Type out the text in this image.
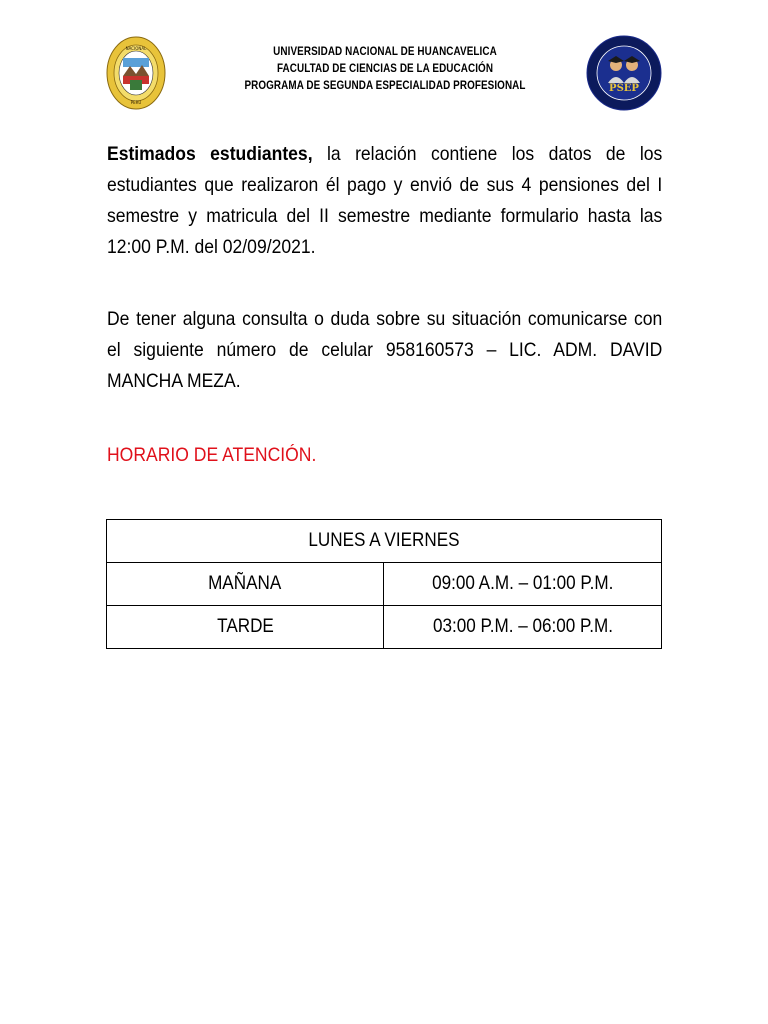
NACIONAL
PERU
UNIVERSIDAD NACIONAL DE HUANCAVELICA
FACULTAD DE CIENCIAS DE LA EDUCACIÓN
PROGRAMA DE SEGUNDA ESPECIALIDAD PROFESIONAL	PSEP
Estimados estudiantes, la relación contiene los datos de los estudiantes que realizaron él pago y envió de sus 4 pensiones del I semestre y matricula del II semestre mediante formulario hasta las 12:00 P.M. del 02/09/2021.
De tener alguna consulta o duda sobre su situación comunicarse con el siguiente número de celular 958160573 – LIC. ADM. DAVID MANCHA MEZA.
HORARIO DE ATENCIÓN.
LUNES A VIERNES	
MAÑANA	09:00 A.M. – 01:00 P.M.
TARDE	03:00 P.M. – 06:00 P.M.
